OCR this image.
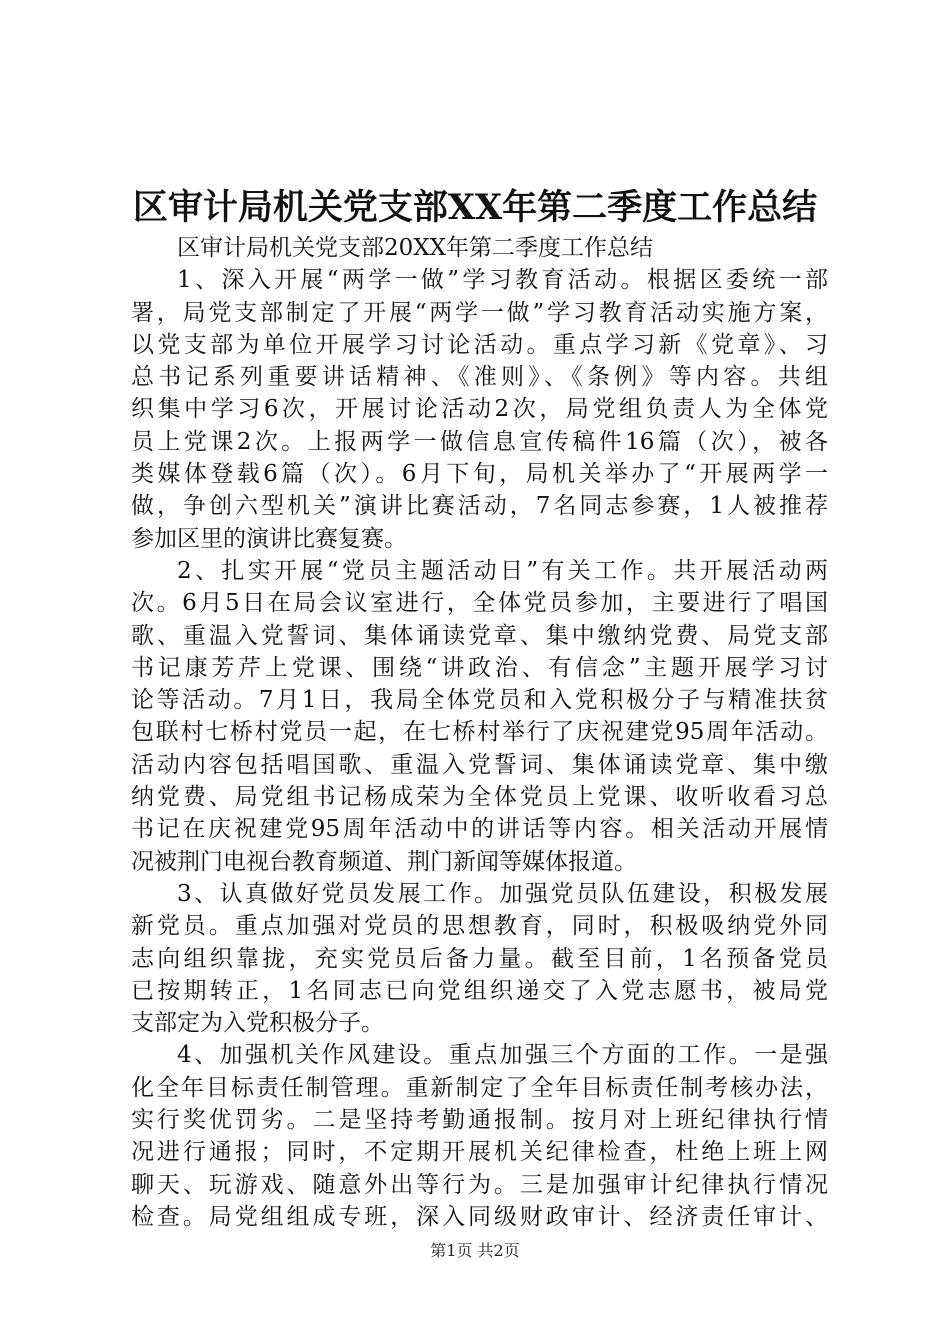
区审计局机关党支部XX年第二季度工作总结
区审计局机关党支部20XX年第二季度工作总结
1、深入开展“两学一做”学习教育活动。根据区委统一部
署，局党支部制定了开展“两学一做”学习教育活动实施方案，
以党支部为单位开展学习讨论活动。重点学习新《党章》、习
总书记系列重要讲话精神、《准则》、《条例》等内容。共组
织集中学习6次，开展讨论活动2次，局党组负责人为全体党
员上党课2次。上报两学一做信息宣传稿件16篇（次），被各
类媒体登载6篇（次）。6月下旬，局机关举办了“开展两学一
做，争创六型机关”演讲比赛活动，7名同志参赛，1人被推荐
参加区里的演讲比赛复赛。
2、扎实开展“党员主题活动日”有关工作。共开展活动两
次。6月5日在局会议室进行，全体党员参加，主要进行了唱国
歌、重温入党誓词、集体诵读党章、集中缴纳党费、局党支部
书记康芳芹上党课、围绕“讲政治、有信念”主题开展学习讨
论等活动。7月1日，我局全体党员和入党积极分子与精准扶贫
包联村七桥村党员一起，在七桥村举行了庆祝建党95周年活动。
活动内容包括唱国歌、重温入党誓词、集体诵读党章、集中缴
纳党费、局党组书记杨成荣为全体党员上党课、收听收看习总
书记在庆祝建党95周年活动中的讲话等内容。相关活动开展情
况被荆门电视台教育频道、荆门新闻等媒体报道。
3、认真做好党员发展工作。加强党员队伍建设，积极发展
新党员。重点加强对党员的思想教育，同时，积极吸纳党外同
志向组织靠拢，充实党员后备力量。截至目前，1名预备党员
已按期转正，1名同志已向党组织递交了入党志愿书，被局党
支部定为入党积极分子。
4、加强机关作风建设。重点加强三个方面的工作。一是强
化全年目标责任制管理。重新制定了全年目标责任制考核办法，
实行奖优罚劣。二是坚持考勤通报制。按月对上班纪律执行情
况进行通报；同时，不定期开展机关纪律检查，杜绝上班上网
聊天、玩游戏、随意外出等行为。三是加强审计纪律执行情况
检查。局党组组成专班，深入同级财政审计、经济责任审计、
第1页 共2页
